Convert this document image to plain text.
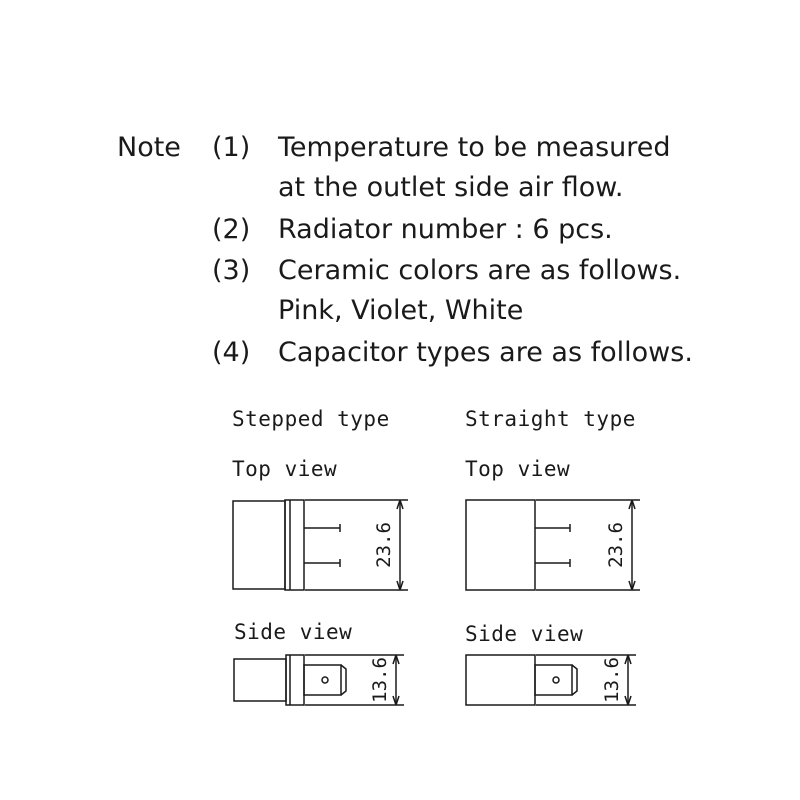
Note (1)	Temperature to be measured
at the outlet side air flow.
(2)	Radiator number : 6 pcs.
(3)	Ceramic colors are as follows.
Pink, Violet, White
(4)	Capacitor types are as follows.
Stepped type	Straight type
Top view	Top view
Side view	Side view
23.6	23.6
13.6	13.6
